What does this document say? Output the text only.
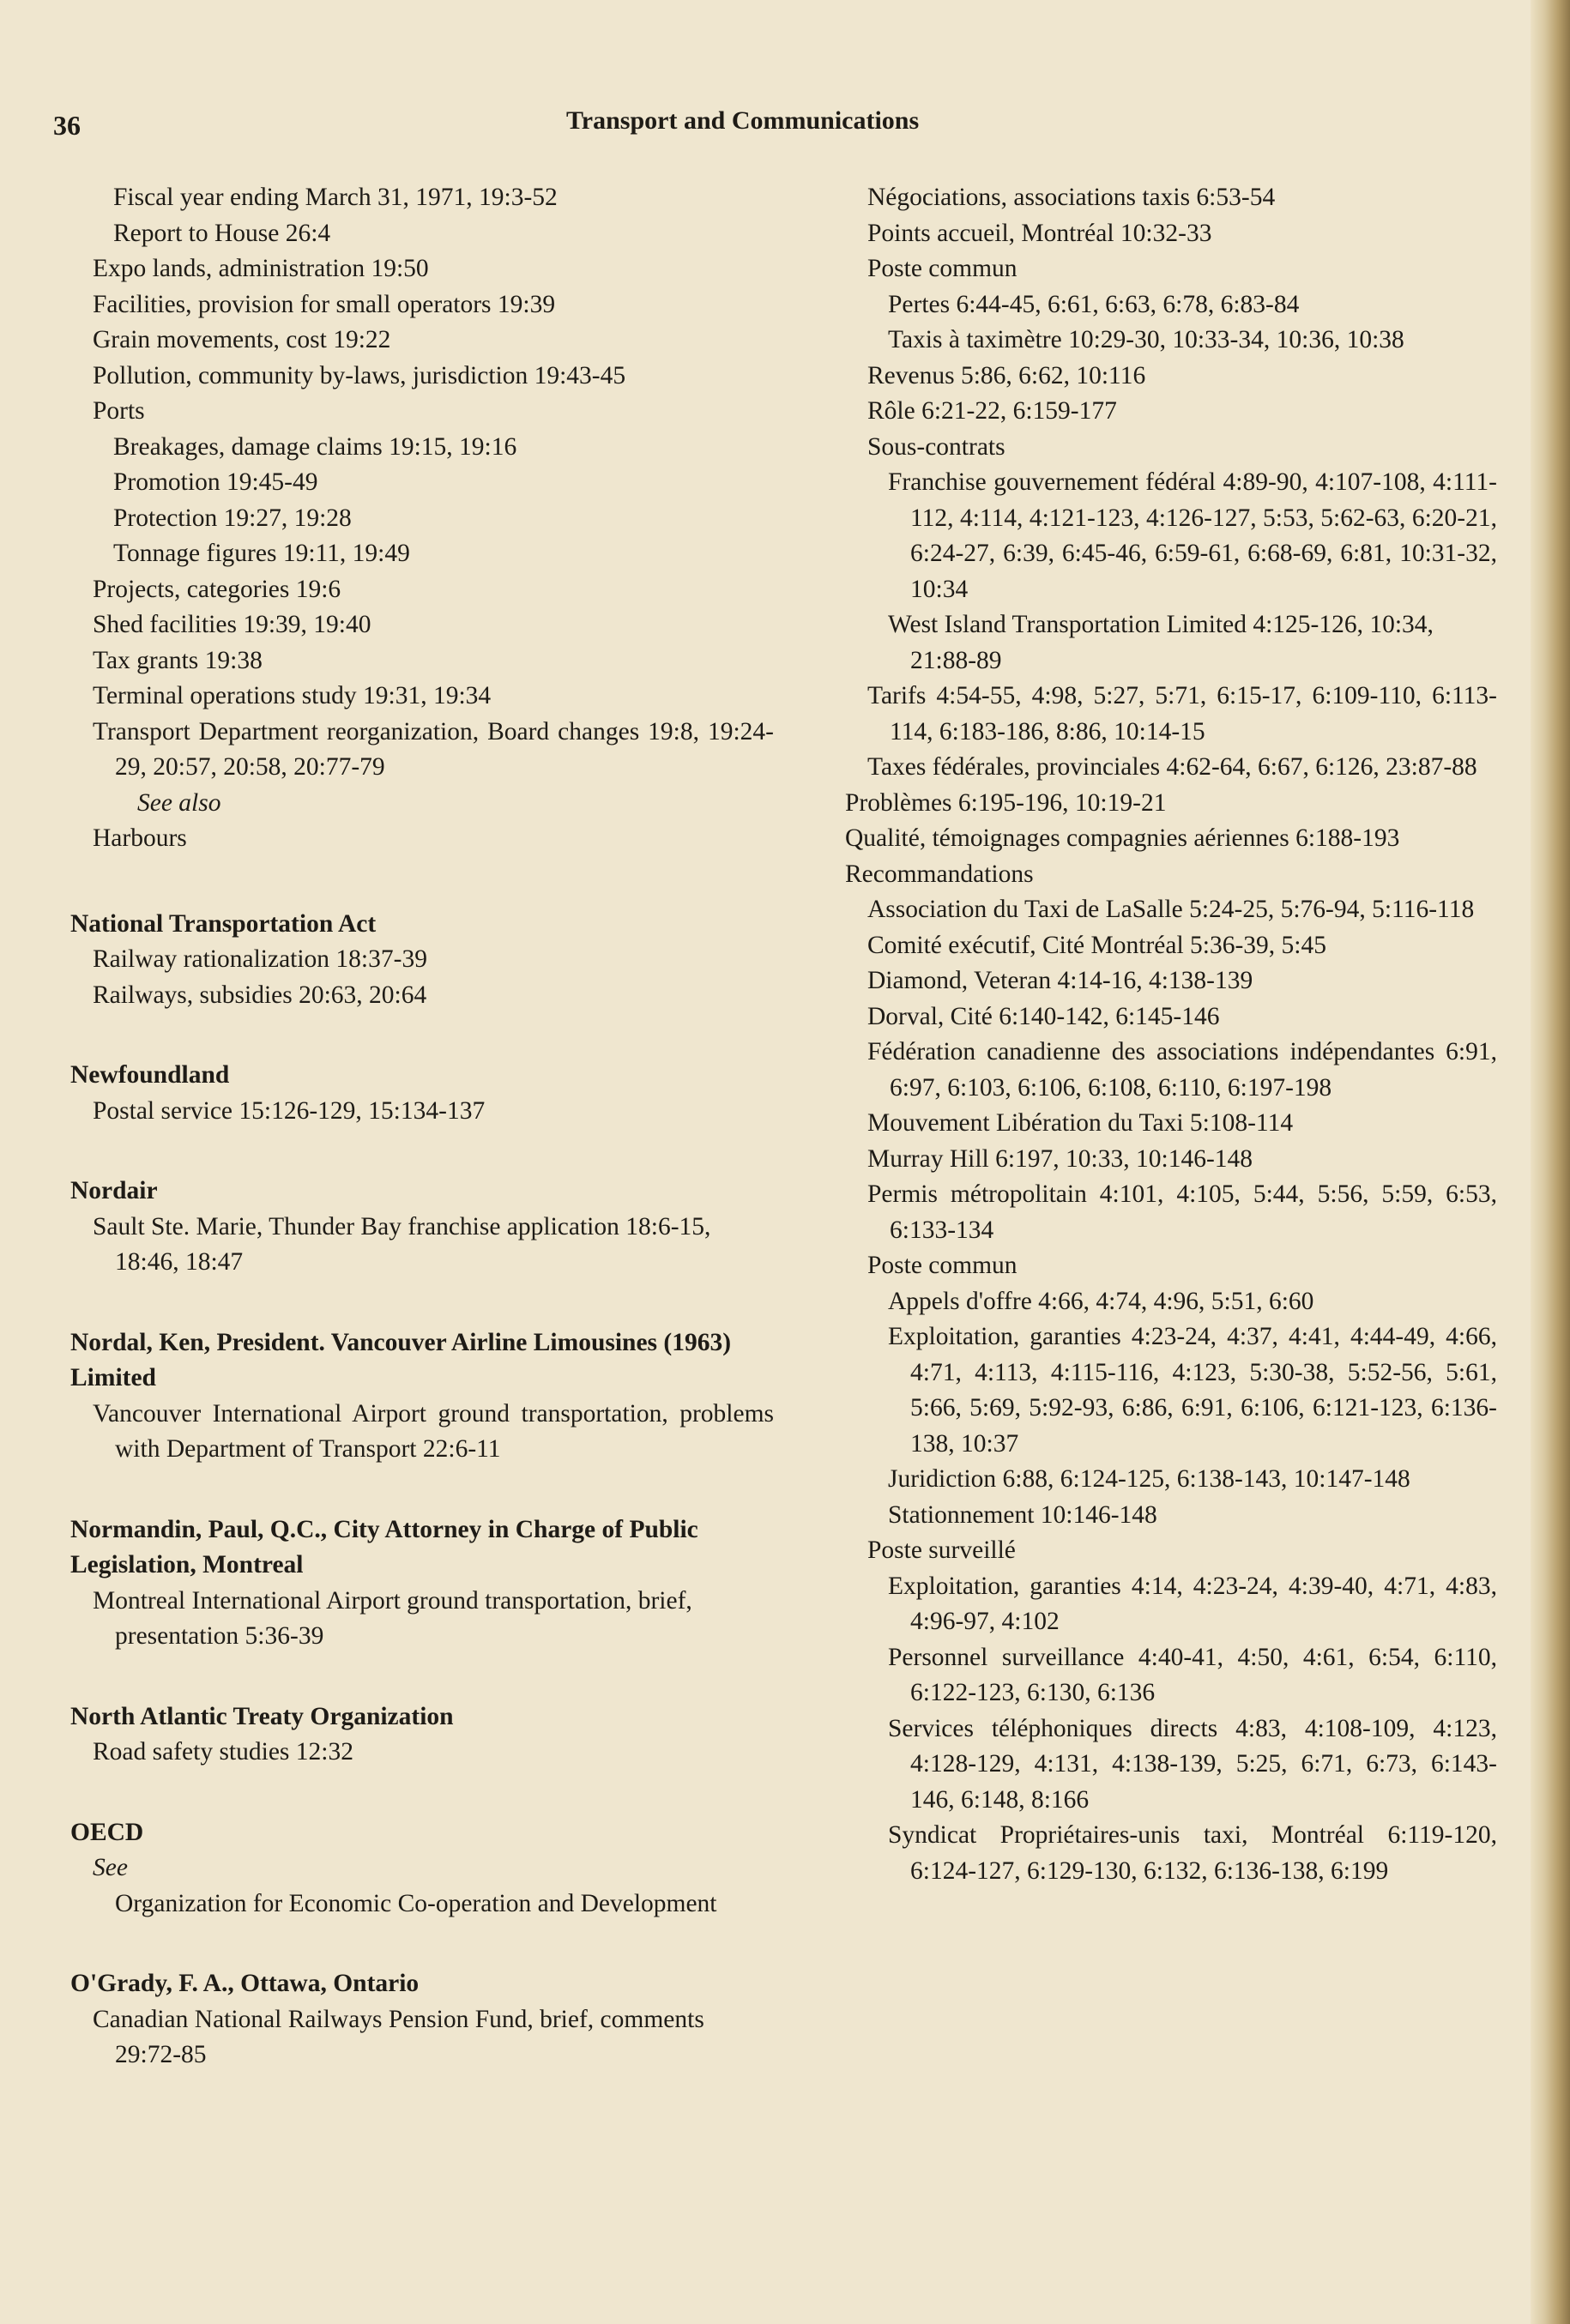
36	Transport and Communications

Fiscal year ending March 31, 1971, 19:3-52

Report to House 26:4

Expo lands, administration 19:50

Facilities, provision for small operators 19:39

Grain movements, cost 19:22

Pollution, community by-laws, jurisdiction 19:43-45

Ports

Breakages, damage claims 19:15, 19:16

Promotion 19:45-49

Protection 19:27, 19:28

Tonnage figures 19:11, 19:49

Projects, categories 19:6

Shed facilities 19:39, 19:40

Tax grants 19:38

Terminal operations study 19:31, 19:34

Transport Department reorganization, Board changes 19:8, 19:24-29, 20:57, 20:58, 20:77-79

See also

Harbours

National Transportation Act

Railway rationalization 18:37-39

Railways, subsidies 20:63, 20:64

Newfoundland

Postal service 15:126-129, 15:134-137

Nordair

Sault Ste. Marie, Thunder Bay franchise application 18:6-15, 18:46, 18:47

Nordal, Ken, President. Vancouver Airline Limousines (1963) Limited

Vancouver International Airport ground transportation, problems with Department of Transport 22:6-11

Normandin, Paul, Q.C., City Attorney in Charge of Public Legislation, Montreal

Montreal International Airport ground transportation, brief, presentation 5:36-39

North Atlantic Treaty Organization

Road safety studies 12:32

OECD

See

Organization for Economic Co-operation and Development

O'Grady, F. A., Ottawa, Ontario

Canadian National Railways Pension Fund, brief, comments 29:72-85

Négociations, associations taxis 6:53-54

Points accueil, Montréal 10:32-33

Poste commun

Pertes 6:44-45, 6:61, 6:63, 6:78, 6:83-84

Taxis à taximètre 10:29-30, 10:33-34, 10:36, 10:38

Revenus 5:86, 6:62, 10:116

Rôle 6:21-22, 6:159-177

Sous-contrats

Franchise gouvernement fédéral 4:89-90, 4:107-108, 4:111-112, 4:114, 4:121-123, 4:126-127, 5:53, 5:62-63, 6:20-21, 6:24-27, 6:39, 6:45-46, 6:59-61, 6:68-69, 6:81, 10:31-32, 10:34

West Island Transportation Limited 4:125-126, 10:34, 21:88-89

Tarifs 4:54-55, 4:98, 5:27, 5:71, 6:15-17, 6:109-110, 6:113-114, 6:183-186, 8:86, 10:14-15

Taxes fédérales, provinciales 4:62-64, 6:67, 6:126, 23:87-88

Problèmes 6:195-196, 10:19-21

Qualité, témoignages compagnies aériennes 6:188-193

Recommandations

Association du Taxi de LaSalle 5:24-25, 5:76-94, 5:116-118

Comité exécutif, Cité Montréal 5:36-39, 5:45

Diamond, Veteran 4:14-16, 4:138-139

Dorval, Cité 6:140-142, 6:145-146

Fédération canadienne des associations indépendantes 6:91, 6:97, 6:103, 6:106, 6:108, 6:110, 6:197-198

Mouvement Libération du Taxi 5:108-114

Murray Hill 6:197, 10:33, 10:146-148

Permis métropolitain 4:101, 4:105, 5:44, 5:56, 5:59, 6:53, 6:133-134

Poste commun

Appels d'offre 4:66, 4:74, 4:96, 5:51, 6:60

Exploitation, garanties 4:23-24, 4:37, 4:41, 4:44-49, 4:66, 4:71, 4:113, 4:115-116, 4:123, 5:30-38, 5:52-56, 5:61, 5:66, 5:69, 5:92-93, 6:86, 6:91, 6:106, 6:121-123, 6:136-138, 10:37

Juridiction 6:88, 6:124-125, 6:138-143, 10:147-148

Stationnement 10:146-148

Poste surveillé

Exploitation, garanties 4:14, 4:23-24, 4:39-40, 4:71, 4:83, 4:96-97, 4:102

Personnel surveillance 4:40-41, 4:50, 4:61, 6:54, 6:110, 6:122-123, 6:130, 6:136

Services téléphoniques directs 4:83, 4:108-109, 4:123, 4:128-129, 4:131, 4:138-139, 5:25, 6:71, 6:73, 6:143-146, 6:148, 8:166

Syndicat Propriétaires-unis taxi, Montréal 6:119-120, 6:124-127, 6:129-130, 6:132, 6:136-138, 6:199
